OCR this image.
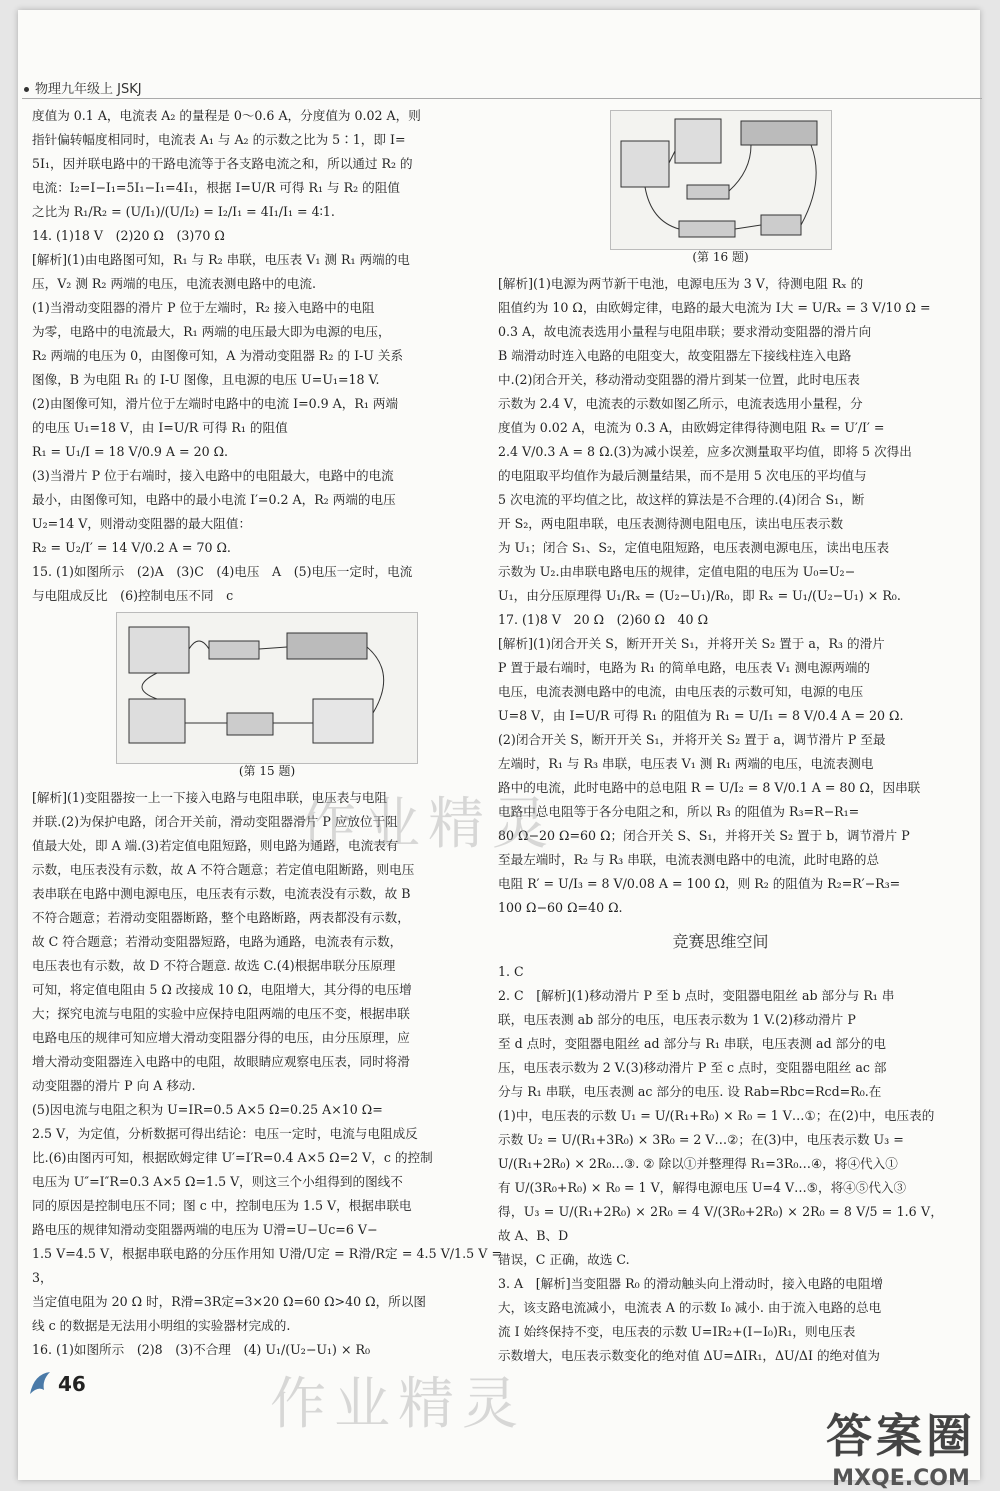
物理九年级上 JSKJ

度值为 0.1 A，电流表 A₂ 的量程是 0～0.6 A，分度值为 0.02 A，则

指针偏转幅度相同时，电流表 A₁ 与 A₂ 的示数之比为 5∶1，即 I=

5I₁，因并联电路中的干路电流等于各支路电流之和，所以通过 R₂ 的

电流：I₂=I−I₁=5I₁−I₁=4I₁，根据 I=U/R 可得 R₁ 与 R₂ 的阻值

之比为 R₁/R₂ = (U/I₁)/(U/I₂) = I₂/I₁ = 4I₁/I₁ = 4∶1.

14. (1)18 V　(2)20 Ω　(3)70 Ω

[解析](1)由电路图可知，R₁ 与 R₂ 串联，电压表 V₁ 测 R₁ 两端的电

压，V₂ 测 R₂ 两端的电压，电流表测电路中的电流.

(1)当滑动变阻器的滑片 P 位于左端时，R₂ 接入电路中的电阻

为零，电路中的电流最大，R₁ 两端的电压最大即为电源的电压，

R₂ 两端的电压为 0，由图像可知，A 为滑动变阻器 R₂ 的 I-U 关系

图像，B 为电阻 R₁ 的 I-U 图像，且电源的电压 U=U₁=18 V.

(2)由图像可知，滑片位于左端时电路中的电流 I=0.9 A，R₁ 两端

的电压 U₁=18 V，由 I=U/R 可得 R₁ 的阻值

R₁ = U₁/I = 18 V/0.9 A = 20 Ω.

(3)当滑片 P 位于右端时，接入电路中的电阻最大，电路中的电流

最小，由图像可知，电路中的最小电流 I′=0.2 A，R₂ 两端的电压

U₂=14 V，则滑动变阻器的最大阻值：

R₂ = U₂/I′ = 14 V/0.2 A = 70 Ω.

15. (1)如图所示　(2)A　(3)C　(4)电压　A　(5)电压一定时，电流

与电阻成反比　(6)控制电压不同　c

(第 15 题)

[解析](1)变阻器按一上一下接入电路与电阻串联，电压表与电阻

并联.(2)为保护电路，闭合开关前，滑动变阻器滑片 P 应放位于阻

值最大处，即 A 端.(3)若定值电阻短路，则电路为通路，电流表有

示数，电压表没有示数，故 A 不符合题意；若定值电阻断路，则电压

表串联在电路中测电源电压，电压表有示数，电流表没有示数，故 B

不符合题意；若滑动变阻器断路，整个电路断路，两表都没有示数，

故 C 符合题意；若滑动变阻器短路，电路为通路，电流表有示数，

电压表也有示数，故 D 不符合题意. 故选 C.(4)根据串联分压原理

可知，将定值电阻由 5 Ω 改接成 10 Ω，电阻增大，其分得的电压增

大；探究电流与电阻的实验中应保持电阻两端的电压不变，根据串联

电路电压的规律可知应增大滑动变阻器分得的电压，由分压原理，应

增大滑动变阻器连入电路中的电阻，故眼睛应观察电压表，同时将滑

动变阻器的滑片 P 向 A 移动.

(5)因电流与电阻之积为 U=IR=0.5 A×5 Ω=0.25 A×10 Ω=

2.5 V，为定值，分析数据可得出结论：电压一定时，电流与电阻成反

比.(6)由图丙可知，根据欧姆定律 U′=I′R=0.4 A×5 Ω=2 V，c 的控制

电压为 U″=I″R=0.3 A×5 Ω=1.5 V，则这三个小组得到的图线不

同的原因是控制电压不同；图 c 中，控制电压为 1.5 V，根据串联电

路电压的规律知滑动变阻器两端的电压为 U滑=U−Uc=6 V−

1.5 V=4.5 V，根据串联电路的分压作用知 U滑/U定 = R滑/R定 = 4.5 V/1.5 V = 3，

当定值电阻为 20 Ω 时，R滑=3R定=3×20 Ω=60 Ω>40 Ω，所以图

线 c 的数据是无法用小明组的实验器材完成的.

16. (1)如图所示　(2)8　(3)不合理　(4) U₁/(U₂−U₁) × R₀

(第 16 题)

[解析](1)电源为两节新干电池，电源电压为 3 V，待测电阻 Rₓ 的

阻值约为 10 Ω，由欧姆定律，电路的最大电流为 I大 = U/Rₓ = 3 V/10 Ω =

0.3 A，故电流表选用小量程与电阻串联；要求滑动变阻器的滑片向

B 端滑动时连入电路的电阻变大，故变阻器左下接线柱连入电路

中.(2)闭合开关，移动滑动变阻器的滑片到某一位置，此时电压表

示数为 2.4 V，电流表的示数如图乙所示，电流表选用小量程，分

度值为 0.02 A，电流为 0.3 A，由欧姆定律得待测电阻 Rₓ = U′/I′ =

2.4 V/0.3 A = 8 Ω.(3)为减小误差，应多次测量取平均值，即将 5 次得出

的电阻取平均值作为最后测量结果，而不是用 5 次电压的平均值与

5 次电流的平均值之比，故这样的算法是不合理的.(4)闭合 S₁，断

开 S₂，两电阻串联，电压表测待测电阻电压，读出电压表示数

为 U₁；闭合 S₁、S₂，定值电阻短路，电压表测电源电压，读出电压表

示数为 U₂.由串联电路电压的规律，定值电阻的电压为 U₀=U₂−

U₁，由分压原理得 U₁/Rₓ = (U₂−U₁)/R₀，即 Rₓ = U₁/(U₂−U₁) × R₀.

17. (1)8 V　20 Ω　(2)60 Ω　40 Ω

[解析](1)闭合开关 S，断开开关 S₁，并将开关 S₂ 置于 a，R₃ 的滑片

P 置于最右端时，电路为 R₁ 的简单电路，电压表 V₁ 测电源两端的

电压，电流表测电路中的电流，由电压表的示数可知，电源的电压

U=8 V，由 I=U/R 可得 R₁ 的阻值为 R₁ = U/I₁ = 8 V/0.4 A = 20 Ω.

(2)闭合开关 S，断开开关 S₁，并将开关 S₂ 置于 a，调节滑片 P 至最

左端时，R₁ 与 R₃ 串联，电压表 V₁ 测 R₁ 两端的电压，电流表测电

路中的电流，此时电路中的总电阻 R = U/I₂ = 8 V/0.1 A = 80 Ω，因串联

电路中总电阻等于各分电阻之和，所以 R₃ 的阻值为 R₃=R−R₁=

80 Ω−20 Ω=60 Ω；闭合开关 S、S₁，并将开关 S₂ 置于 b，调节滑片 P

至最左端时，R₂ 与 R₃ 串联，电流表测电路中的电流，此时电路的总

电阻 R′ = U/I₃ = 8 V/0.08 A = 100 Ω，则 R₂ 的阻值为 R₂=R′−R₃=

100 Ω−60 Ω=40 Ω.

竞赛思维空间

1. C

2. C　[解析](1)移动滑片 P 至 b 点时，变阻器电阻丝 ab 部分与 R₁ 串

联，电压表测 ab 部分的电压，电压表示数为 1 V.(2)移动滑片 P

至 d 点时，变阻器电阻丝 ad 部分与 R₁ 串联，电压表测 ad 部分的电

压，电压表示数为 2 V.(3)移动滑片 P 至 c 点时，变阻器电阻丝 ac 部

分与 R₁ 串联，电压表测 ac 部分的电压. 设 Rab=Rbc=Rcd=R₀.在

(1)中，电压表的示数 U₁ = U/(R₁+R₀) × R₀ = 1 V…①；在(2)中，电压表的

示数 U₂ = U/(R₁+3R₀) × 3R₀ = 2 V…②；在(3)中，电压表示数 U₃ =

U/(R₁+2R₀) × 2R₀…③. ② 除以①并整理得 R₁=3R₀…④，将④代入①

有 U/(3R₀+R₀) × R₀ = 1 V，解得电源电压 U=4 V…⑤，将④⑤代入③

得，U₃ = U/(R₁+2R₀) × 2R₀ = 4 V/(3R₀+2R₀) × 2R₀ = 8 V/5 = 1.6 V，故 A、B、D

错误，C 正确，故选 C.

3. A　[解析]当变阻器 R₀ 的滑动触头向上滑动时，接入电路的电阻增

大，该支路电流减小，电流表 A 的示数 I₀ 减小. 由于流入电路的总电

流 I 始终保持不变，电压表的示数 U=IR₂+(I−I₀)R₁，则电压表

示数增大，电压表示数变化的绝对值 ΔU=ΔIR₁，ΔU/ΔI 的绝对值为

作业精灵
作业精灵
46
答案圈
MXQE.COM
